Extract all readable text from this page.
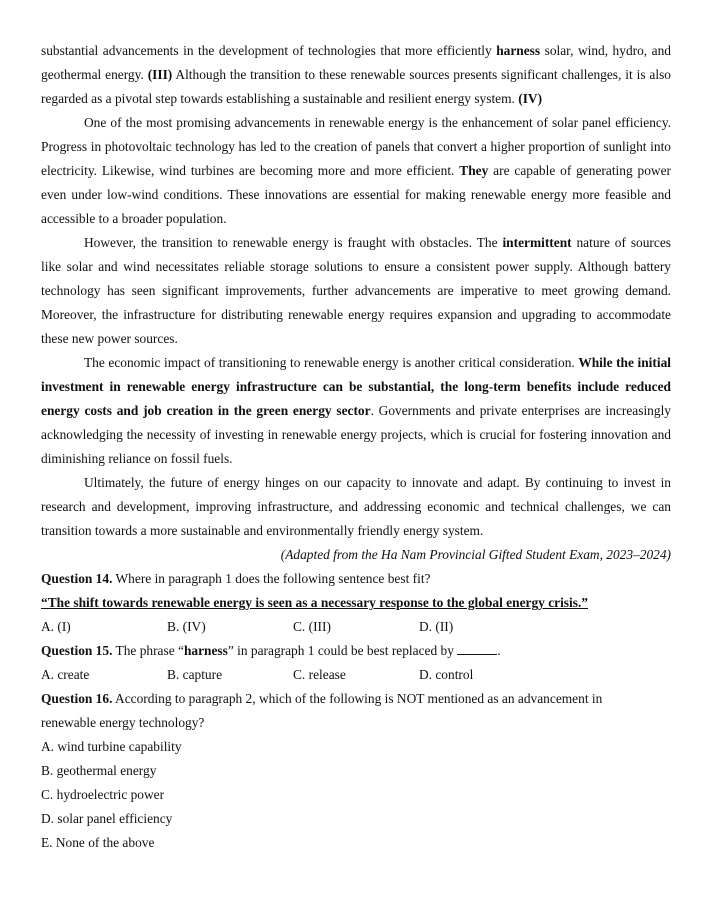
substantial advancements in the development of technologies that more efficiently harness solar, wind, hydro, and geothermal energy. (III) Although the transition to these renewable sources presents significant challenges, it is also regarded as a pivotal step towards establishing a sustainable and resilient energy system. (IV)

One of the most promising advancements in renewable energy is the enhancement of solar panel efficiency. Progress in photovoltaic technology has led to the creation of panels that convert a higher proportion of sunlight into electricity. Likewise, wind turbines are becoming more and more efficient. They are capable of generating power even under low-wind conditions. These innovations are essential for making renewable energy more feasible and accessible to a broader population.

However, the transition to renewable energy is fraught with obstacles. The intermittent nature of sources like solar and wind necessitates reliable storage solutions to ensure a consistent power supply. Although battery technology has seen significant improvements, further advancements are imperative to meet growing demand. Moreover, the infrastructure for distributing renewable energy requires expansion and upgrading to accommodate these new power sources.

The economic impact of transitioning to renewable energy is another critical consideration. While the initial investment in renewable energy infrastructure can be substantial, the long-term benefits include reduced energy costs and job creation in the green energy sector. Governments and private enterprises are increasingly acknowledging the necessity of investing in renewable energy projects, which is crucial for fostering innovation and diminishing reliance on fossil fuels.

Ultimately, the future of energy hinges on our capacity to innovate and adapt. By continuing to invest in research and development, improving infrastructure, and addressing economic and technical challenges, we can transition towards a more sustainable and environmentally friendly energy system.

(Adapted from the Ha Nam Provincial Gifted Student Exam, 2023–2024)
Question 14. Where in paragraph 1 does the following sentence best fit?
“The shift towards renewable energy is seen as a necessary response to the global energy crisis.”
A. (I)	B. (IV)	C. (III)	D. (II)
Question 15. The phrase “harness” in paragraph 1 could be best replaced by	.
A. create	B. capture	C. release	D. control
Question 16. According to paragraph 2, which of the following is NOT mentioned as an advancement in renewable energy technology?
A. wind turbine capability
B. geothermal energy
C. hydroelectric power
D. solar panel efficiency
E. None of the above
